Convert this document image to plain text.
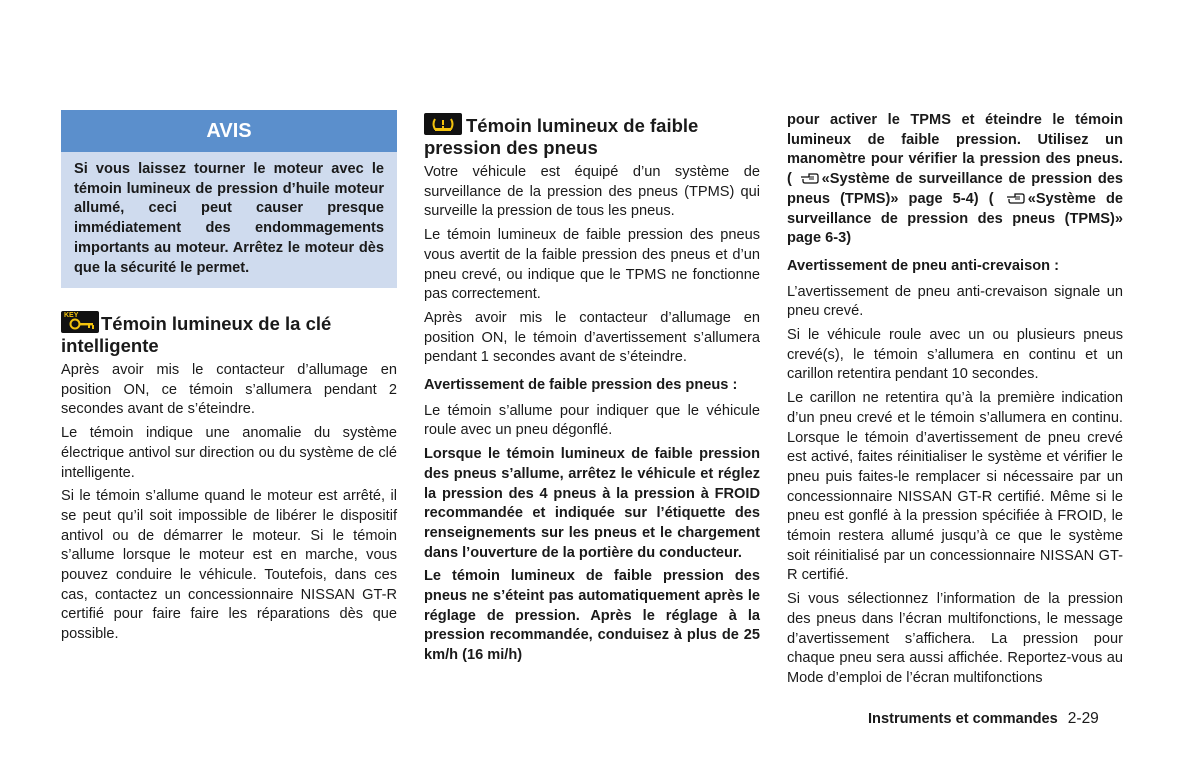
AVIS
Si vous laissez tourner le moteur avec le témoin lumineux de pression d’huile moteur allumé, ceci peut causer presque immédiatement des endommagements importants au moteur. Arrêtez le moteur dès que la sécurité le permet.
KEY Témoin lumineux de la clé intelligente

Après avoir mis le contacteur d’allumage en position ON, ce témoin s’allumera pendant 2 secondes avant de s’éteindre.

Le témoin indique une anomalie du système électrique antivol sur direction ou du système de clé intelligente.

Si le témoin s’allume quand le moteur est arrêté, il se peut qu’il soit impossible de libérer le dispositif antivol ou de démarrer le moteur. Si le témoin s’allume lorsque le moteur est en marche, vous pouvez conduire le véhicule. Toutefois, dans ces cas, contactez un concessionnaire NISSAN GT-R certifié pour faire faire les réparations dès que possible.

Témoin lumineux de faible pression des pneus

Votre véhicule est équipé d’un système de surveillance de la pression des pneus (TPMS) qui surveille la pression de tous les pneus.

Le témoin lumineux de faible pression des pneus vous avertit de la faible pression des pneus et d’un pneu crevé, ou indique que le TPMS ne fonctionne pas correctement.

Après avoir mis le contacteur d’allumage en position ON, le témoin d’avertissement s’allumera pendant 1 secondes avant de s’éteindre.

Avertissement de faible pression des pneus :

Le témoin s’allume pour indiquer que le véhicule roule avec un pneu dégonflé.

Lorsque le témoin lumineux de faible pression des pneus s’allume, arrêtez le véhicule et réglez la pression des 4 pneus à la pression à FROID recommandée et indiquée sur l’étiquette des renseignements sur les pneus et le chargement dans l’ouverture de la portière du conducteur.

Le témoin lumineux de faible pression des pneus ne s’éteint pas automatiquement après le réglage de pression. Après le réglage à la pression recommandée, conduisez à plus de 25 km/h (16 mi/h)

pour activer le TPMS et éteindre le témoin lumineux de faible pression. Utilisez un manomètre pour vérifier la pression des pneus. ( «Système de surveillance de pression des pneus (TPMS)» page 5-4) ( «Système de surveillance de pression des pneus (TPMS)» page 6-3)

Avertissement de pneu anti-crevaison :

L’avertissement de pneu anti-crevaison signale un pneu crevé.

Si le véhicule roule avec un ou plusieurs pneus crevé(s), le témoin s’allumera en continu et un carillon retentira pendant 10 secondes.

Le carillon ne retentira qu’à la première indication d’un pneu crevé et le témoin s’allumera en continu. Lorsque le témoin d’avertissement de pneu crevé est activé, faites réinitialiser le système et vérifier le pneu puis faites-le remplacer si nécessaire par un concessionnaire NISSAN GT-R certifié. Même si le pneu est gonflé à la pression spécifiée à FROID, le témoin restera allumé jusqu’à ce que le système soit réinitialisé par un concessionnaire NISSAN GT-R certifié.

Si vous sélectionnez l’information de la pression des pneus dans l’écran multifonctions, le message d’avertissement s’affichera. La pression pour chaque pneu sera aussi affichée. Reportez-vous au Mode d’emploi de l’écran multifonctions

Instruments et commandes 2-29
